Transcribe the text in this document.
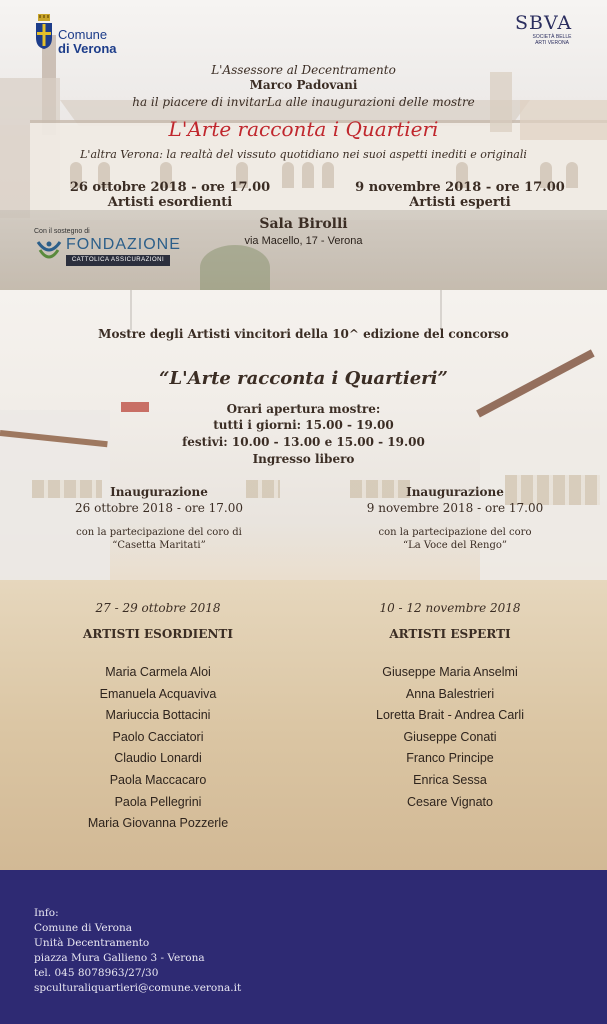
Comune
di Verona
SBVA
SOCIETÀ BELLE ARTI VERONA
L'Assessore al Decentramento
Marco Padovani
ha il piacere di invitarLa alle inaugurazioni delle mostre
L'Arte racconta i Quartieri
L'altra Verona: la realtà del vissuto quotidiano nei suoi aspetti inediti e originali
26 ottobre 2018 - ore 17.00
Artisti esordienti
9 novembre 2018 - ore 17.00
Artisti esperti
Sala Birolli
via Macello, 17 - Verona
Con il sostegno di
FONDAZIONE
CATTOLICA ASSICURAZIONI
Mostre degli Artisti vincitori della 10^ edizione del concorso
“L'Arte racconta i Quartieri”
Orari apertura mostre:
tutti i giorni: 15.00 - 19.00
festivi: 10.00 - 13.00 e 15.00 - 19.00
Ingresso libero
Inaugurazione
26 ottobre 2018 - ore 17.00
con la partecipazione del coro di
“Casetta Maritati”
Inaugurazione
9 novembre 2018 - ore 17.00
con la partecipazione del coro
“La Voce del Rengo”
27 - 29 ottobre 2018	10 - 12 novembre 2018
ARTISTI ESORDIENTI	ARTISTI ESPERTI
Maria Carmela Aloi
Emanuela Acquaviva
Mariuccia Bottacini
Paolo Cacciatori
Claudio Lonardi
Paola Maccacaro
Paola Pellegrini
Maria Giovanna Pozzerle
Giuseppe Maria Anselmi
Anna Balestrieri
Loretta Brait - Andrea Carli
Giuseppe Conati
Franco Principe
Enrica Sessa
Cesare Vignato
Info:
Comune di Verona
Unità Decentramento
piazza Mura Gallieno 3 - Verona
tel. 045 8078963/27/30
spculturaliquartieri@comune.verona.it
